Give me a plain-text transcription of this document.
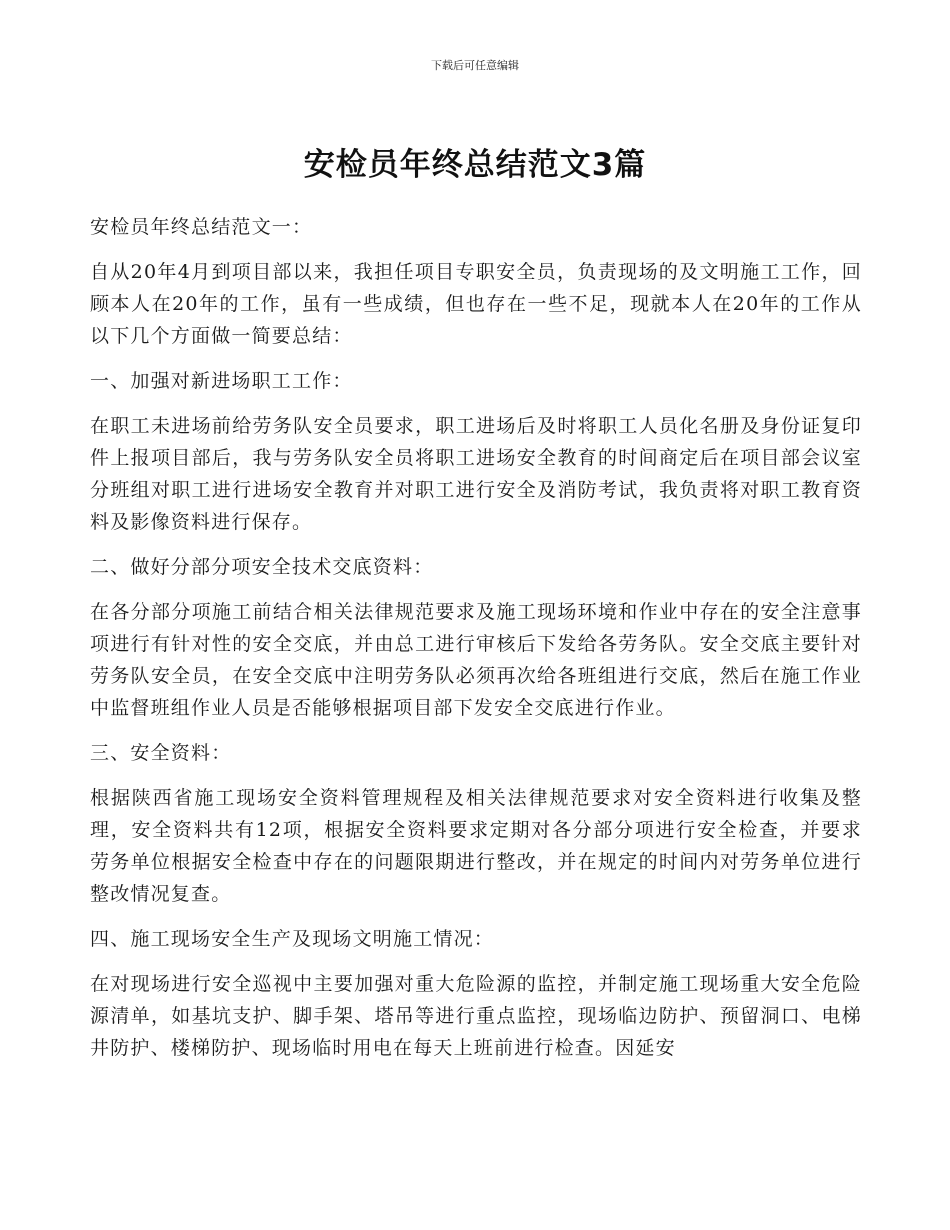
下载后可任意编辑
安检员年终总结范文3篇

安检员年终总结范文一：

自从20年4月到项目部以来，我担任项目专职安全员，负责现场的及文明施工工作，回顾本人在20年的工作，虽有一些成绩，但也存在一些不足，现就本人在20年的工作从以下几个方面做一简要总结：

一、加强对新进场职工工作：

在职工未进场前给劳务队安全员要求，职工进场后及时将职工人员化名册及身份证复印件上报项目部后，我与劳务队安全员将职工进场安全教育的时间商定后在项目部会议室分班组对职工进行进场安全教育并对职工进行安全及消防考试，我负责将对职工教育资料及影像资料进行保存。

二、做好分部分项安全技术交底资料：

在各分部分项施工前结合相关法律规范要求及施工现场环境和作业中存在的安全注意事项进行有针对性的安全交底，并由总工进行审核后下发给各劳务队。安全交底主要针对劳务队安全员，在安全交底中注明劳务队必须再次给各班组进行交底，然后在施工作业中监督班组作业人员是否能够根据项目部下发安全交底进行作业。

三、安全资料：

根据陕西省施工现场安全资料管理规程及相关法律规范要求对安全资料进行收集及整理，安全资料共有12项，根据安全资料要求定期对各分部分项进行安全检查，并要求劳务单位根据安全检查中存在的问题限期进行整改，并在规定的时间内对劳务单位进行整改情况复查。

四、施工现场安全生产及现场文明施工情况：

在对现场进行安全巡视中主要加强对重大危险源的监控，并制定施工现场重大安全危险源清单，如基坑支护、脚手架、塔吊等进行重点监控，现场临边防护、预留洞口、电梯井防护、楼梯防护、现场临时用电在每天上班前进行检查。因延安
